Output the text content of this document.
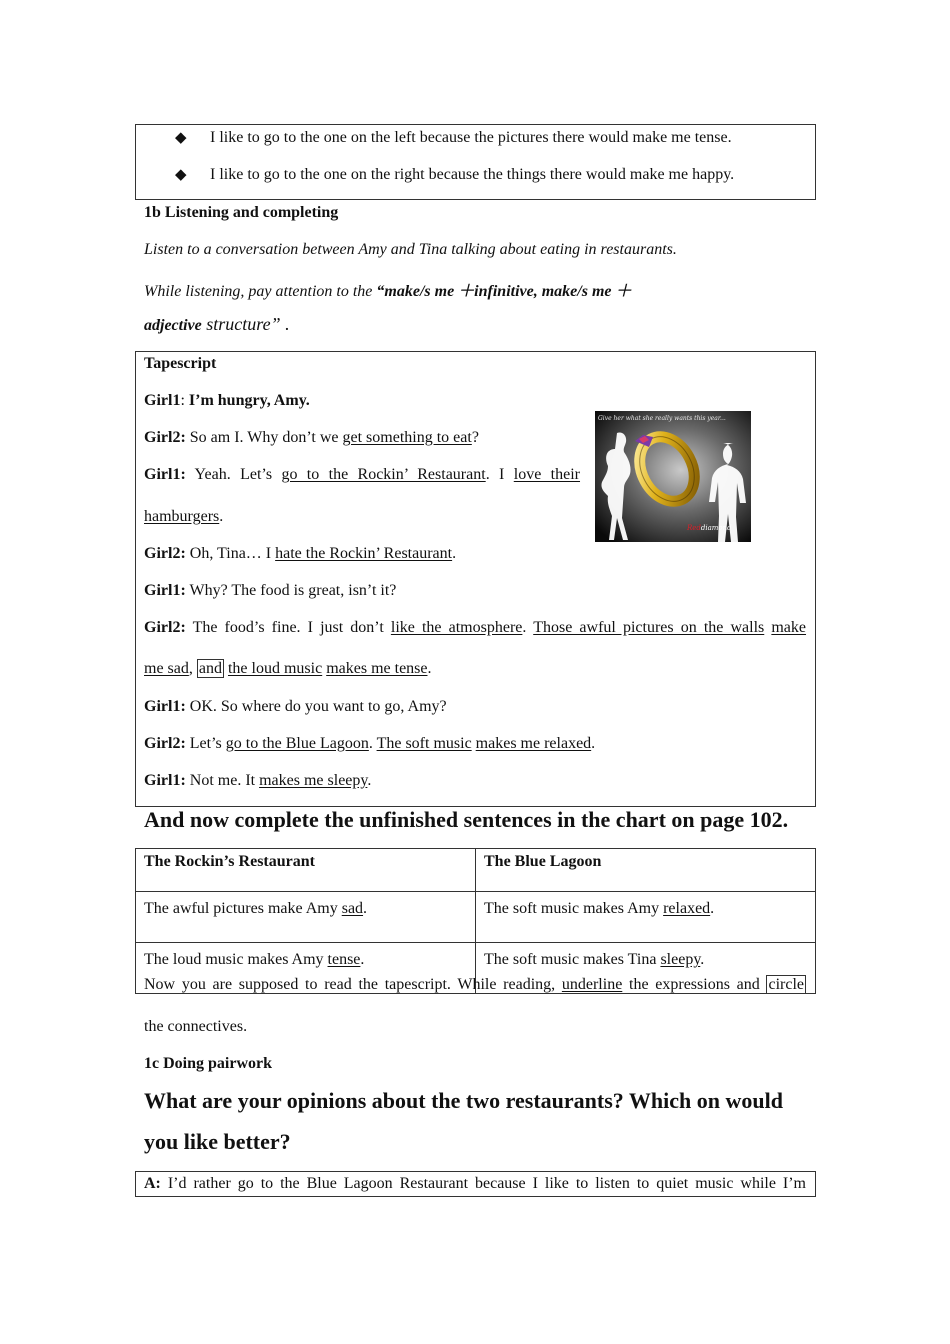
◆ I like to go to the one on the left because the pictures there would make me tense.
◆ I like to go to the one on the right because the things there would make me happy.
1b Listening and completing
Listen to a conversation between Amy and Tina talking about eating in restaurants.
While listening, pay attention to the “make/s me ＋infinitive, make/s me ＋
adjective structure” .
Tapescript
Girl1: I’m hungry, Amy.
Girl2: So am I. Why don’t we get something to eat?
Girl1: Yeah. Let’s go to the Rockin’ Restaurant. I love their
hamburgers.
Girl2: Oh, Tina… I hate the Rockin’ Restaurant.
Girl1: Why? The food is great, isn’t it?
Girl2: The food’s fine. I just don’t like the atmosphere. Those awful pictures on the walls make
me sad, and the loud music makes me tense.
Girl1: OK. So where do you want to go, Amy?
Girl2: Let’s go to the Blue Lagoon. The soft music makes me relaxed.
Girl1: Not me. It makes me sleepy.
Give her what she really wants this year...
Reddiamond
And now complete the unfinished sentences in the chart on page 102.
The Rockin’s Restaurant	The Blue Lagoon
The awful pictures make Amy sad.	The soft music makes Amy relaxed.
The loud music makes Amy tense.	The soft music makes Tina sleepy.
Now you are supposed to read the tapescript. While reading, underline the expressions and circle
the connectives.
1c Doing pairwork
What are your opinions about the two restaurants? Which on would
you like better?
A: I’d rather go to the Blue Lagoon Restaurant because I like to listen to quiet music while I’m
